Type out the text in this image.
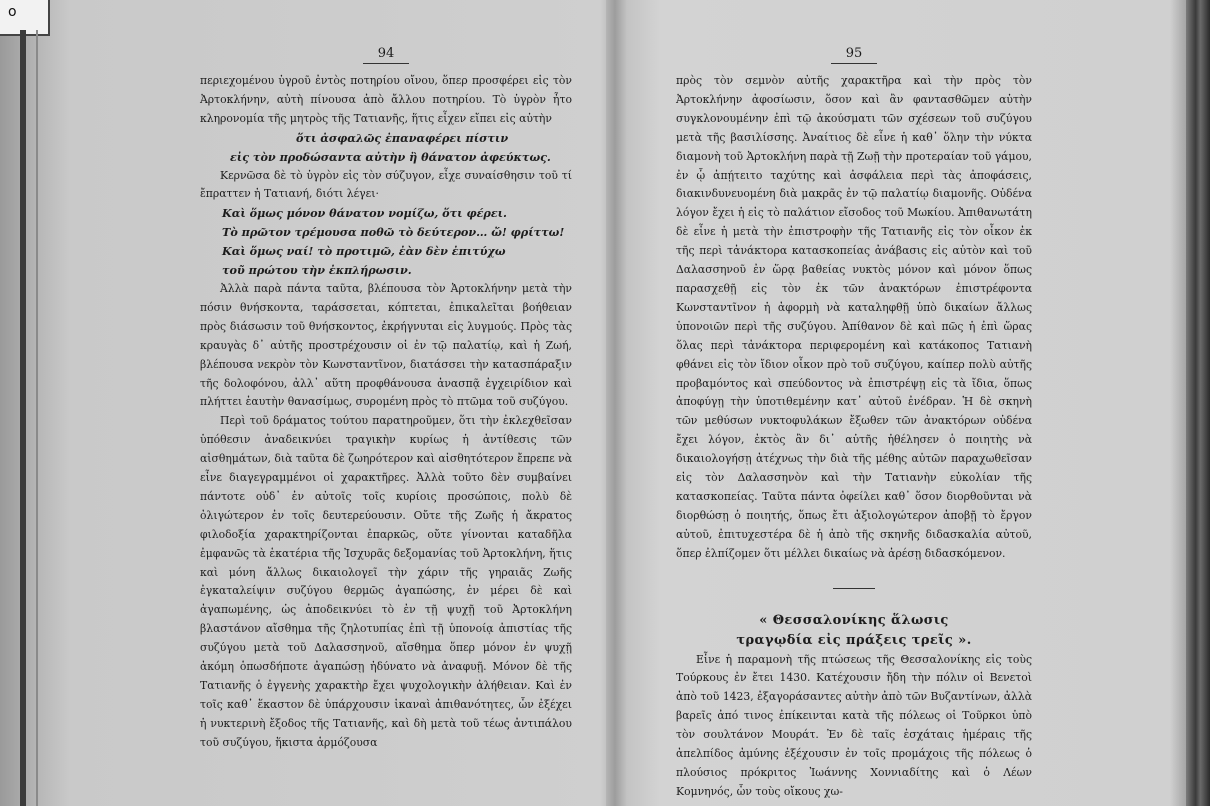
o
94

περιεχομένου ὑγροῦ ἐντὸς ποτηρίου οἴνου, ὅπερ προσφέρει εἰς τὸν Ἀρτοκλήνην, αὐτὴ πίνουσα ἀπὸ ἄλλου ποτηρίου. Τὸ ὑγρὸν ἦτο κληρονομία τῆς μητρὸς τῆς Τατιανῆς, ἥτις εἶχεν εἴπει εἰς αὐτὴν

ὅτι ἀσφαλῶς ἐπαναφέρει πίστιν
εἰς τὸν προδώσαντα αὐτὴν ἢ θάνατον ἀφεύκτως.

Κερνῶσα δὲ τὸ ὑγρὸν εἰς τὸν σύζυγον, εἶχε συναίσθησιν τοῦ τί ἔπραττεν ἡ Τατιανή, διότι λέγει·

Καὶ ὅμως μόνον θάνατον νομίζω, ὅτι φέρει.
Τὸ πρῶτον τρέμουσα ποθῶ τὸ δεύτερον… ὤ! φρίττω!
Καὶ ὅμως ναί! τὸ προτιμῶ, ἐὰν δὲν ἐπιτύχω
τοῦ πρώτου τὴν ἐκπλήρωσιν.

Ἀλλὰ παρὰ πάντα ταῦτα, βλέπουσα τὸν Ἀρτοκλήνην μετὰ τὴν πόσιν θνήσκοντα, ταράσσεται, κόπτεται, ἐπικαλεῖται βοήθειαν πρὸς διάσωσιν τοῦ θνήσκοντος, ἐκρήγνυται εἰς λυγμούς. Πρὸς τὰς κραυγὰς δ᾿ αὐτῆς προστρέχουσιν οἱ ἐν τῷ παλατίῳ, καὶ ἡ Ζωή, βλέπουσα νεκρὸν τὸν Κωνσταντῖνον, διατάσσει τὴν κατασπάραξιν τῆς δολοφόνου, ἀλλ᾿ αὕτη προφθάνουσα ἀνασπᾷ ἐγχειρίδιον καὶ πλήττει ἑαυτὴν θανασίμως, συρομένη πρὸς τὸ πτῶμα τοῦ συζύγου.

Περὶ τοῦ δράματος τούτου παρατηροῦμεν, ὅτι τὴν ἐκλεχθεῖσαν ὑπόθεσιν ἀναδεικνύει τραγικὴν κυρίως ἡ ἀντίθεσις τῶν αἰσθημάτων, διὰ ταῦτα δὲ ζωηρότερον καὶ αἰσθητότερον ἔπρεπε νὰ εἶνε διαγεγραμμένοι οἱ χαρακτῆρες. Ἀλλὰ τοῦτο δὲν συμβαίνει πάντοτε οὐδ᾿ ἐν αὐτοῖς τοῖς κυρίοις προσώποις, πολὺ δὲ ὀλιγώτερον ἐν τοῖς δευτερεύουσιν. Οὔτε τῆς Ζωῆς ἡ ἄκρατος φιλοδοξία χαρακτηρίζονται ἐπαρκῶς, οὔτε γίνονται καταδῆλα ἐμφανῶς τὰ ἑκατέρια τῆς Ἰσχυρᾶς δεξομανίας τοῦ Ἀρτοκλήνη, ἥτις καὶ μόνη ἄλλως δικαιολογεῖ τὴν χάριν τῆς γηραιᾶς Ζωῆς ἐγκαταλείψιν συζύγου θερμῶς ἀγαπώσης, ἐν μέρει δὲ καὶ ἀγαπωμένης, ὡς ἀποδεικνύει τὸ ἐν τῇ ψυχῇ τοῦ Ἀρτοκλήνη βλαστάνον αἴσθημα τῆς ζηλοτυπίας ἐπὶ τῇ ὑπονοίᾳ ἀπιστίας τῆς συζύγου μετὰ τοῦ Δαλασσηνοῦ, αἴσθημα ὅπερ μόνον ἐν ψυχῇ ἀκόμη ὁπωσδήποτε ἀγαπώσῃ ἠδύνατο νὰ ἀναφυῇ. Μόνον δὲ τῆς Τατιανῆς ὁ ἐγγενὴς χαρακτὴρ ἔχει ψυχολογικὴν ἀλήθειαν. Καὶ ἐν τοῖς καθ᾿ ἕκαστον δὲ ὑπάρχουσιν ἱκαναὶ ἀπιθανότητες, ὧν ἐξέχει ἡ νυκτερινὴ ἔξοδος τῆς Τατιανῆς, καὶ δὴ μετὰ τοῦ τέως ἀντιπάλου τοῦ συζύγου, ἥκιστα ἁρμόζουσα

95

πρὸς τὸν σεμνὸν αὐτῆς χαρακτῆρα καὶ τὴν πρὸς τὸν Ἀρτοκλήνην ἀφοσίωσιν, ὅσον καὶ ἂν φαντασθῶμεν αὐτὴν συγκλονουμένην ἐπὶ τῷ ἀκούσματι τῶν σχέσεων τοῦ συζύγου μετὰ τῆς βασιλίσσης. Ἀναίτιος δὲ εἶνε ἡ καθ᾿ ὅλην τὴν νύκτα διαμονὴ τοῦ Ἀρτοκλήνη παρὰ τῇ Ζωῇ τὴν προτεραίαν τοῦ γάμου, ἐν ᾧ ἀπῄτειτο ταχύτης καὶ ἀσφάλεια περὶ τὰς ἀποφάσεις, διακινδυνευομένη διὰ μακρᾶς ἐν τῷ παλατίῳ διαμονῆς. Οὐδένα λόγον ἔχει ἡ εἰς τὸ παλάτιον εἴσοδος τοῦ Μωκίου. Ἀπιθανωτάτη δὲ εἶνε ἡ μετὰ τὴν ἐπιστροφὴν τῆς Τατιανῆς εἰς τὸν οἶκον ἐκ τῆς περὶ τἀνάκτορα κατασκοπείας ἀνάβασις εἰς αὐτὸν καὶ τοῦ Δαλασσηνοῦ ἐν ὥρᾳ βαθείας νυκτὸς μόνον καὶ μόνον ὅπως παρασχεθῇ εἰς τὸν ἐκ τῶν ἀνακτόρων ἐπιστρέφοντα Κωνσταντῖνον ἡ ἀφορμὴ νὰ καταληφθῇ ὑπὸ δικαίων ἄλλως ὑπονοιῶν περὶ τῆς συζύγου. Ἀπίθανον δὲ καὶ πῶς ἡ ἐπὶ ὥρας ὅλας περὶ τἀνάκτορα περιφερομένη καὶ κατάκοπος Τατιανὴ φθάνει εἰς τὸν ἴδιον οἶκον πρὸ τοῦ συζύγου, καίπερ πολὺ αὐτῆς προβαμόντος καὶ σπεύδοντος νὰ ἐπιστρέψῃ εἰς τὰ ἴδια, ὅπως ἀποφύγῃ τὴν ὑποτιθεμένην κατ᾿ αὐτοῦ ἐνέδραν. Ἡ δὲ σκηνὴ τῶν μεθύσων νυκτοφυλάκων ἔξωθεν τῶν ἀνακτόρων οὐδένα ἔχει λόγον, ἐκτὸς ἂν δι᾿ αὐτῆς ἠθέλησεν ὁ ποιητὴς νὰ δικαιολογήσῃ ἀτέχνως τὴν διὰ τῆς μέθης αὐτῶν παραχωθεῖσαν εἰς τὸν Δαλασσηνὸν καὶ τὴν Τατιανὴν εὐκολίαν τῆς κατασκοπείας. Ταῦτα πάντα ὀφείλει καθ᾿ ὅσον διορθοῦνται νὰ διορθώσῃ ὁ ποιητής, ὅπως ἔτι ἀξιολογώτερον ἀποβῇ τὸ ἔργον αὐτοῦ, ἐπιτυχεστέρα δὲ ἡ ἀπὸ τῆς σκηνῆς διδασκαλία αὐτοῦ, ὅπερ ἐλπίζομεν ὅτι μέλλει δικαίως νὰ ἀρέσῃ διδασκόμενον.

« Θεσσαλονίκης ἅλωσις
τραγῳδία εἰς πράξεις τρεῖς ».

Εἶνε ἡ παραμονὴ τῆς πτώσεως τῆς Θεσσαλονίκης εἰς τοὺς Τούρκους ἐν ἔτει 1430. Κατέχουσιν ἤδη τὴν πόλιν οἱ Βενετοὶ ἀπὸ τοῦ 1423, ἐξαγοράσαντες αὐτὴν ἀπὸ τῶν Βυζαντίνων, ἀλλὰ βαρεῖς ἀπό τινος ἐπίκεινται κατὰ τῆς πόλεως οἱ Τοῦρκοι ὑπὸ τὸν σουλτάνον Μουράτ. Ἐν δὲ ταῖς ἐσχάταις ἡμέραις τῆς ἀπελπίδος ἀμύνης ἐξέχουσιν ἐν τοῖς πρoμάχοις τῆς πόλεως ὁ πλούσιος πρόκριτος Ἰωάννης Χοννιαδίτης καὶ ὁ Λέων Κομνηνός, ὧν τοὺς οἴκους χω-
